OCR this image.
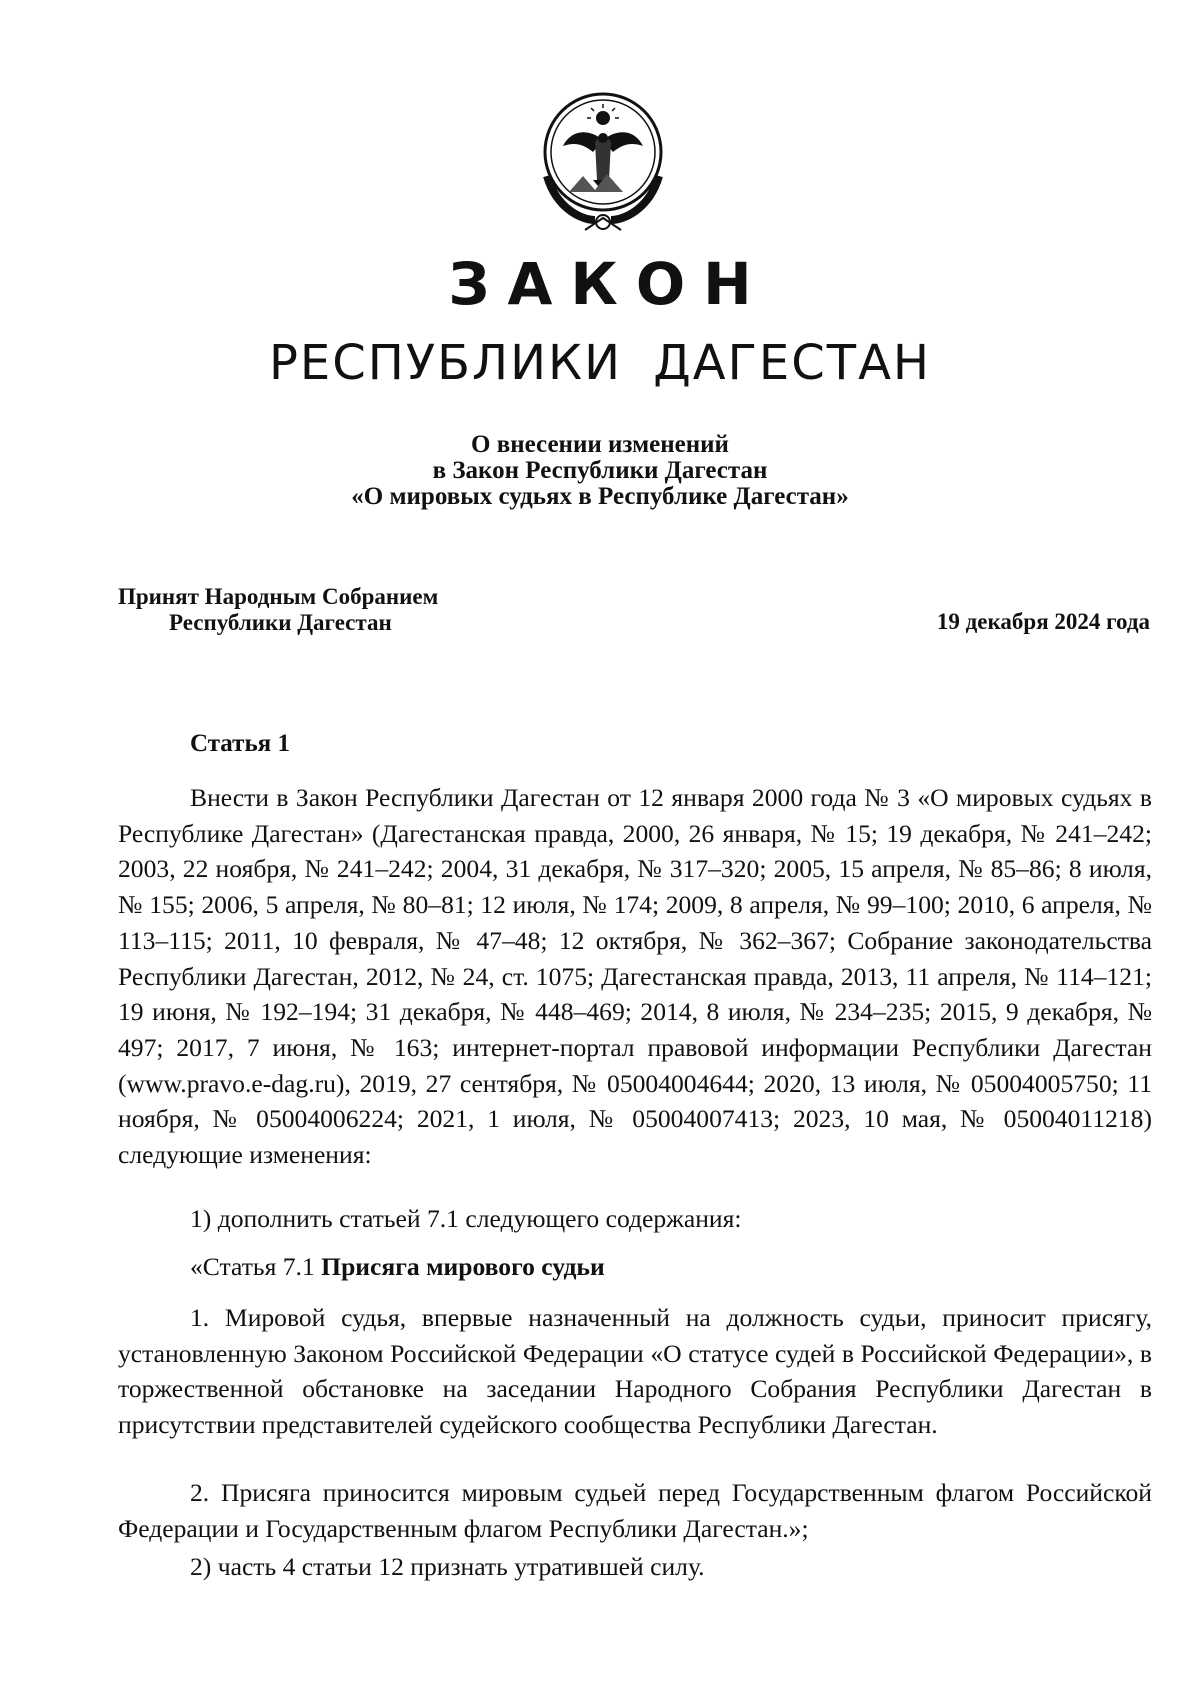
ЗАКОН
РЕСПУБЛИКИ ДАГЕСТАН
О внесении изменений
в Закон Республики Дагестан
«О мировых судьях в Республике Дагестан»
Принят Народным Собранием
Республики Дагестан	19 декабря 2024 года
Статья 1

Внести в Закон Республики Дагестан от 12 января 2000 года № 3 «О мировых судьях в Республике Дагестан» (Дагестанская правда, 2000, 26 января, № 15; 19 декабря, № 241–242; 2003, 22 ноября, № 241–242; 2004, 31 декабря, № 317–320; 2005, 15 апреля, № 85–86; 8 июля, № 155; 2006, 5 апреля, № 80–81; 12 июля, № 174; 2009, 8 апреля, № 99–100; 2010, 6 апреля, № 113–115; 2011, 10 февраля, № 47–48; 12 октября, № 362–367; Собрание законодательства Республики Дагестан, 2012, № 24, ст. 1075; Дагестанская правда, 2013, 11 апреля, № 114–121; 19 июня, № 192–194; 31 декабря, № 448–469; 2014, 8 июля, № 234–235; 2015, 9 декабря, № 497; 2017, 7 июня, № 163; интернет-портал правовой информации Республики Дагестан (www.pravo.e-dag.ru), 2019, 27 сентября, № 05004004644; 2020, 13 июля, № 05004005750; 11 ноября, № 05004006224; 2021, 1 июля, № 05004007413; 2023, 10 мая, № 05004011218) следующие изменения:

1) дополнить статьей 7.1 следующего содержания:
«Статья 7.1 Присяга мирового судьи

1. Мировой судья, впервые назначенный на должность судьи, приносит присягу, установленную Законом Российской Федерации «О статусе судей в Российской Федерации», в торжественной обстановке на заседании Народного Собрания Республики Дагестан в присутствии представителей судейского сообщества Республики Дагестан.

2. Присяга приносится мировым судьей перед Государственным флагом Российской Федерации и Государственным флагом Республики Дагестан.»;

2) часть 4 статьи 12 признать утратившей силу.
